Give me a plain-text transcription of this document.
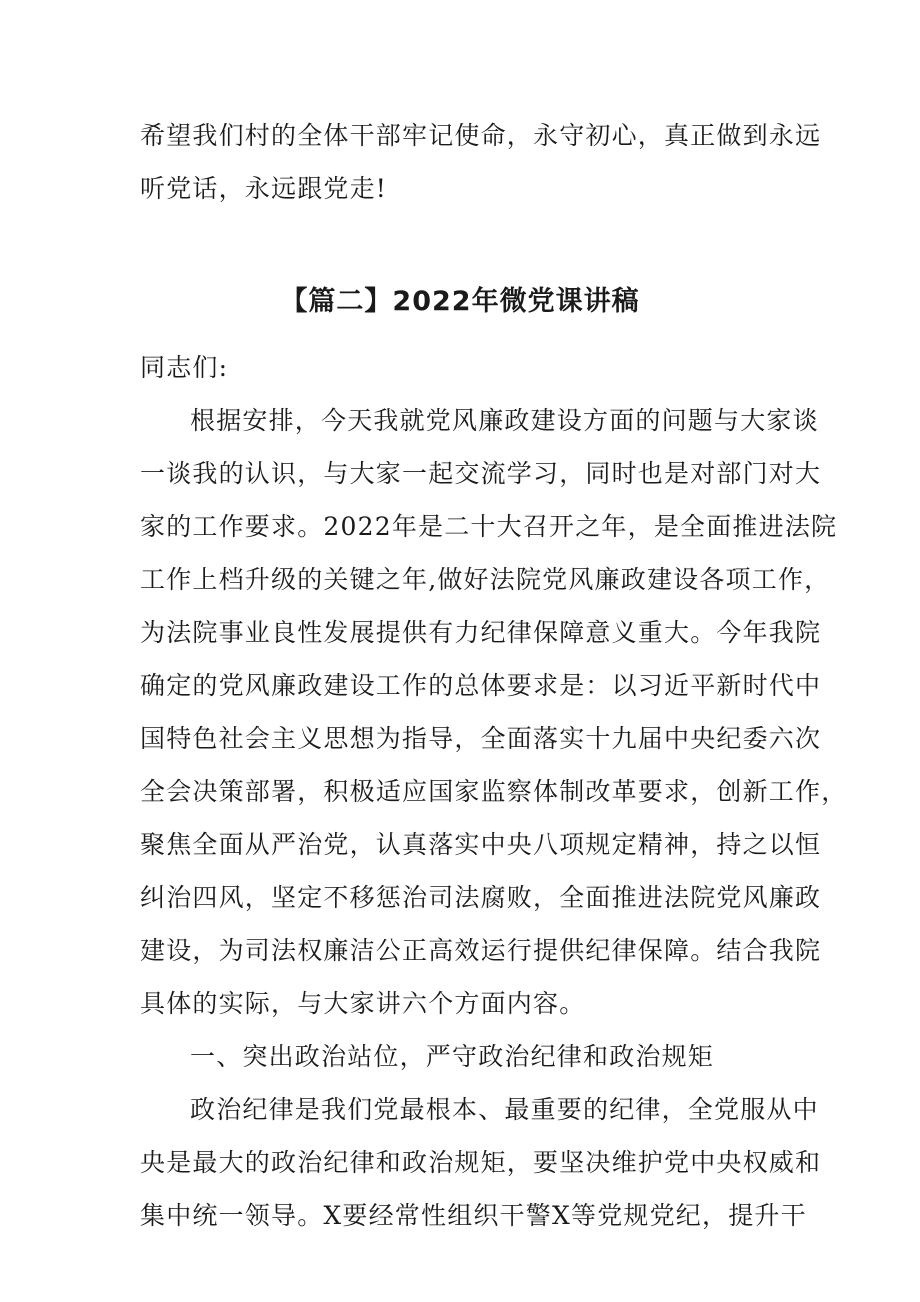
希望我们村的全体干部牢记使命，永守初心，真正做到永远
听党话，永远跟党走!
【篇二】2022年微党课讲稿
同志们:
根据安排，今天我就党风廉政建设方面的问题与大家谈
一谈我的认识，与大家一起交流学习，同时也是对部门对大
家的工作要求。2022年是二十大召开之年，是全面推进法院
工作上档升级的关键之年,做好法院党风廉政建设各项工作，
为法院事业良性发展提供有力纪律保障意义重大。今年我院
确定的党风廉政建设工作的总体要求是：以习近平新时代中
国特色社会主义思想为指导，全面落实十九届中央纪委六次
全会决策部署，积极适应国家监察体制改革要求，创新工作，
聚焦全面从严治党，认真落实中央八项规定精神，持之以恒
纠治四风，坚定不移惩治司法腐败，全面推进法院党风廉政
建设，为司法权廉洁公正高效运行提供纪律保障。结合我院
具体的实际，与大家讲六个方面内容。
一、突出政治站位，严守政治纪律和政治规矩
政治纪律是我们党最根本、最重要的纪律，全党服从中
央是最大的政治纪律和政治规矩，要坚决维护党中央权威和
集中统一领导。X要经常性组织干警X等党规党纪，提升干
